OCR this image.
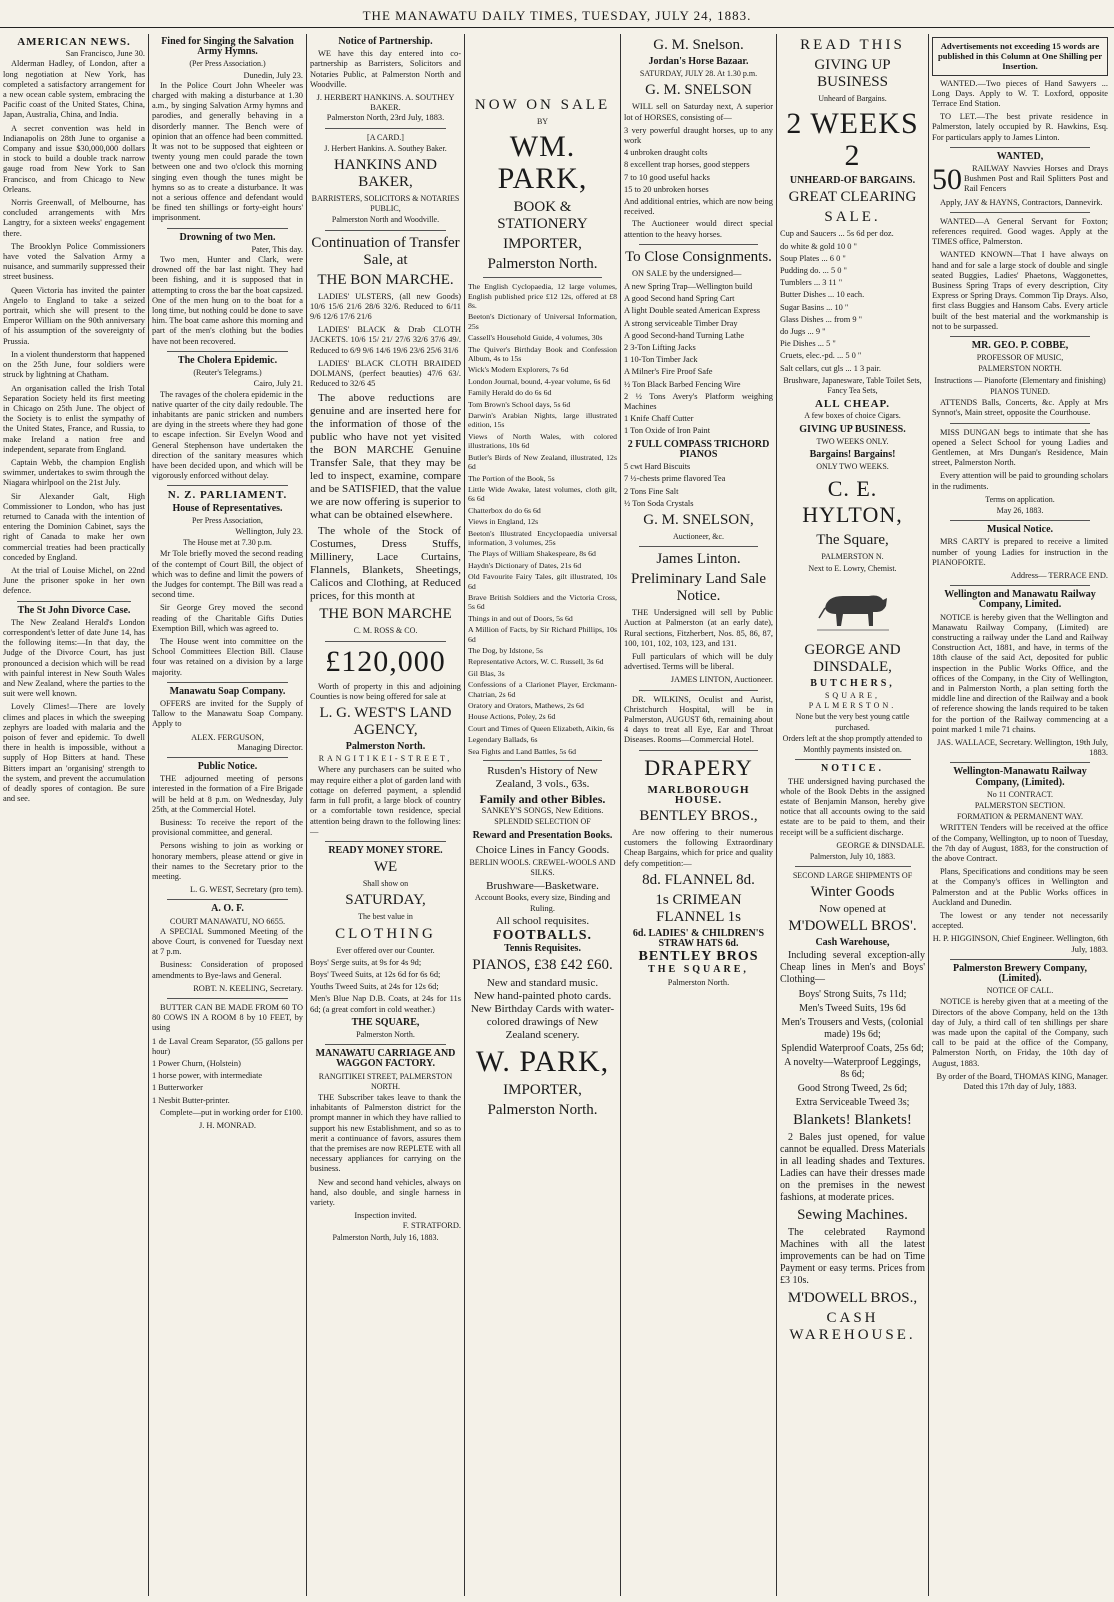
THE MANAWATU DAILY TIMES, TUESDAY, JULY 24, 1883.
AMERICAN NEWS.
San Francisco, June 30.

Alderman Hadley, of London, after a long negotiation at New York, has completed a satisfactory arrangement for a new ocean cable system, embracing the Pacific coast of the United States, China, Japan, Australia, China, and India.

A secret convention was held in Indianapolis on 28th June to organise a Company and issue $30,000,000 dollars in stock to build a double track narrow gauge road from New York to San Francisco, and from Chicago to New Orleans.

Norris Greenwall, of Melbourne, has concluded arrangements with Mrs Langtry, for a sixteen weeks' engagement there.

The Brooklyn Police Commissioners have voted the Salvation Army a nuisance, and summarily suppressed their street business.

Queen Victoria has invited the painter Angelo to England to take a seized portrait, which she will present to the Emperor William on the 90th anniversary of his assumption of the sovereignty of Prussia.

In a violent thunderstorm that happened on the 25th June, four soldiers were struck by lightning at Chatham.

An organisation called the Irish Total Separation Society held its first meeting in Chicago on 25th June. The object of the Society is to enlist the sympathy of the United States, France, and Russia, to make Ireland a nation free and independent, separate from England.

Captain Webb, the champion English swimmer, undertakes to swim through the Niagara whirlpool on the 21st July.

Sir Alexander Galt, High Commissioner to London, who has just returned to Canada with the intention of entering the Dominion Cabinet, says the right of Canada to make her own commercial treaties had been practically conceded by England.

At the trial of Louise Michel, on 22nd June the prisoner spoke in her own defence.

The St John Divorce Case.

The New Zealand Herald's London correspondent's letter of date June 14, has the following items:—In that day, the Judge of the Divorce Court, has just pronounced a decision which will be read with painful interest in New South Wales and New Zealand, where the parties to the suit were well known.

Lovely Climes!—There are lovely climes and places in which the sweeping zephyrs are loaded with malaria and the poison of fever and epidemic. To dwell there in health is impossible, without a supply of Hop Bitters at hand. These Bitters impart an 'organising' strength to the system, and prevent the accumulation of deadly spores of contagion. Be sure and see.

Fined for Singing the Salvation Army Hymns.
(Per Press Association.)
Dunedin, July 23.

In the Police Court John Wheeler was charged with making a disturbance at 1.30 a.m., by singing Salvation Army hymns and parodies, and generally behaving in a disorderly manner. The Bench were of opinion that an offence had been committed. It was not to be supposed that eighteen or twenty young men could parade the town between one and two o'clock this morning singing even though the tunes might be hymns so as to create a disturbance. It was not a serious offence and defendant would be fined ten shillings or forty-eight hours' imprisonment.

Drowning of two Men.
Pater, This day.

Two men, Hunter and Clark, were drowned off the bar last night. They had been fishing, and it is supposed that in attempting to cross the bar the boat capsized. One of the men hung on to the boat for a long time, but nothing could be done to save him. The boat came ashore this morning and part of the men's clothing but the bodies have not been recovered.

The Cholera Epidemic.
(Reuter's Telegrams.)
Cairo, July 21.

The ravages of the cholera epidemic in the native quarter of the city daily redouble. The inhabitants are panic stricken and numbers are dying in the streets where they had gone to escape infection. Sir Evelyn Wood and General Stephenson have undertaken the direction of the sanitary measures which have been decided upon, and which will be vigorously enforced without delay.

N. Z. PARLIAMENT.
House of Representatives.
Per Press Association,
Wellington, July 23.
The House met at 7.30 p.m.

Mr Tole briefly moved the second reading of the contempt of Court Bill, the object of which was to define and limit the powers of the Judges for contempt. The Bill was read a second time.

Sir George Grey moved the second reading of the Charitable Gifts Duties Exemption Bill, which was agreed to.

The House went into committee on the School Committees Election Bill. Clause four was retained on a division by a large majority.

Manawatu Soap Company.

OFFERS are invited for the Supply of Tallow to the Manawatu Soap Company. Apply to

ALEX. FERGUSON,
Managing Director.
Public Notice.

THE adjourned meeting of persons interested in the formation of a Fire Brigade will be held at 8 p.m. on Wednesday, July 25th, at the Commercial Hotel.

Business: To receive the report of the provisional committee, and general.

Persons wishing to join as working or honorary members, please attend or give in their names to the Secretary prior to the meeting.

L. G. WEST, Secretary (pro tem).
A. O. F.
COURT MANAWATU, NO 6655.

A SPECIAL Summoned Meeting of the above Court, is convened for Tuesday next at 7 p.m.

Business: Consideration of proposed amendments to Bye-laws and General.

ROBT. N. KEELING, Secretary.

BUTTER CAN BE MADE FROM 60 TO 80 COWS IN A ROOM 8 by 10 FEET, by using

1 de Laval Cream Separator, (55 gallons per hour)
1 Power Churn, (Holstein)
1 horse power, with intermediate
1 Butterworker
1 Nesbit Butter-printer.

Complete—put in working order for £100.

J. H. MONRAD.
Notice of Partnership.

WE have this day entered into co-partnership as Barristers, Solicitors and Notaries Public, at Palmerston North and Woodville.

J. HERBERT HANKINS. A. SOUTHEY BAKER.
Palmerston North, 23rd July, 1883.
[A CARD.]
J. Herbert Hankins. A. Southey Baker.
HANKINS AND BAKER,
BARRISTERS, SOLICITORS & NOTARIES PUBLIC,
Palmerston North and Woodville.
Continuation of Transfer Sale, at
THE BON MARCHE.

LADIES' ULSTERS, (all new Goods) 10/6 15/6 21/6 28/6 32/6. Reduced to 6/11 9/6 12/6 17/6 21/6

LADIES' BLACK & Drab CLOTH JACKETS. 10/6 15/ 21/ 27/6 32/6 37/6 49/. Reduced to 6/9 9/6 14/6 19/6 23/6 25/6 31/6

LADIES' BLACK CLOTH BRAIDED DOLMANS, (perfect beauties) 47/6 63/. Reduced to 32/6 45

The above reductions are genuine and are inserted here for the information of those of the public who have not yet visited the BON MARCHE Genuine Transfer Sale, that they may be led to inspect, examine, compare and be SATISFIED, that the value we are now offering is superior to what can be obtained elsewhere.

The whole of the Stock of Costumes, Dress Stuffs, Millinery, Lace Curtains, Flannels, Blankets, Sheetings, Calicos and Clothing, at Reduced prices, for this month at

THE BON MARCHE
C. M. ROSS & CO.
£120,000

Worth of property in this and adjoining Counties is now being offered for sale at

L. G. WEST'S LAND AGENCY,
Palmerston North.
RANGITIKEI-STREET,

Where any purchasers can be suited who may require either a plot of garden land with cottage on deferred payment, a splendid farm in full profit, a large block of country or a comfortable town residence, special attention being drawn to the following lines:—

READY MONEY STORE.
WE
Shall show on
SATURDAY,
The best value in
CLOTHING
Ever offered over our Counter.
Boys' Serge suits, at 9s for 4s 9d;
Boys' Tweed Suits, at 12s 6d for 6s 6d;
Youths Tweed Suits, at 24s for 12s 6d;
Men's Blue Nap D.B. Coats, at 24s for 11s 6d; (a great comfort in cold weather.)
THE SQUARE,
Palmerston North.
MANAWATU CARRIAGE AND WAGGON FACTORY.
RANGITIKEI STREET, PALMERSTON NORTH.

THE Subscriber takes leave to thank the inhabitants of Palmerston district for the prompt manner in which they have rallied to support his new Establishment, and so as to merit a continuance of favors, assures them that the premises are now REPLETE with all necessary appliances for carrying on the business.

New and second hand vehicles, always on hand, also double, and single harness in variety.

Inspection invited.
F. STRATFORD.
Palmerston North, July 16, 1883.
NOW ON SALE
BY
WM. PARK,
BOOK & STATIONERY
IMPORTER,
Palmerston North.
The English Cyclopaedia, 12 large volumes, English published price £12 12s, offered at £8 8s.
Beeton's Dictionary of Universal Information, 25s
Cassell's Household Guide, 4 volumes, 30s
The Quiver's Birthday Book and Confession Album, 4s to 15s
Wick's Modern Explorers, 7s 6d
London Journal, bound, 4-year volume, 6s 6d
Family Herald do do 6s 6d
Tom Brown's School days, 5s 6d
Darwin's Arabian Nights, large illustrated edition, 15s
Views of North Wales, with colored illustrations, 10s 6d
Butler's Birds of New Zealand, illustrated, 12s 6d
The Portion of the Book, 5s
Little Wide Awake, latest volumes, cloth gilt, 6s 6d
Chatterbox do do 6s 6d
Views in England, 12s
Beeton's Illustrated Encyclopaedia universal information, 3 volumes, 25s
The Plays of William Shakespeare, 8s 6d
Haydn's Dictionary of Dates, 21s 6d
Old Favourite Fairy Tales, gilt illustrated, 10s 6d
Brave British Soldiers and the Victoria Cross, 5s 6d
Things in and out of Doors, 5s 6d
A Million of Facts, by Sir Richard Phillips, 10s 6d
The Dog, by Idstone, 5s
Representative Actors, W. C. Russell, 3s 6d
Gil Blas, 3s
Confessions of a Clarionet Player, Erckmann-Chatrian, 2s 6d
Oratory and Orators, Mathews, 2s 6d
House Actions, Poley, 2s 6d
Court and Times of Queen Elizabeth, Aikin, 6s
Legendary Ballads, 6s
Sea Fights and Land Battles, 5s 6d
Rusden's History of New Zealand, 3 vols., 63s.
Family and other Bibles.
SANKEY'S SONGS, New Editions.
SPLENDID SELECTION OF
Reward and Presentation Books.
Choice Lines in Fancy Goods.
BERLIN WOOLS. CREWEL-WOOLS AND SILKS.
Brushware—Basketware.
Account Books, every size, Binding and Ruling.
All school requisites.
FOOTBALLS.
Tennis Requisites.
PIANOS, £38 £42 £60.
New and standard music.
New hand-painted photo cards.
New Birthday Cards with water-colored drawings of New Zealand scenery.
W. PARK,
IMPORTER,
Palmerston North.
G. M. Snelson.
Jordan's Horse Bazaar.
SATURDAY, JULY 28. At 1.30 p.m.
G. M. SNELSON

WILL sell on Saturday next, A superior lot of HORSES, consisting of—

3 very powerful draught horses, up to any work
4 unbroken draught colts
8 excellent trap horses, good steppers
7 to 10 good useful hacks
15 to 20 unbroken horses
And additional entries, which are now being received.

The Auctioneer would direct special attention to the heavy horses.

To Close Consignments.

ON SALE by the undersigned—

A new Spring Trap—Wellington build
A good Second hand Spring Cart
A light Double seated American Express
A strong serviceable Timber Dray
A good Second-hand Turning Lathe
2 3-Ton Lifting Jacks
1 10-Ton Timber Jack
A Milner's Fire Proof Safe
½ Ton Black Barbed Fencing Wire
2 ½ Tons Avery's Platform weighing Machines
1 Knife Chaff Cutter
1 Ton Oxide of Iron Paint
2 FULL COMPASS TRICHORD PIANOS
5 cwt Hard Biscuits
7 ½-chests prime flavored Tea
2 Tons Fine Salt
½ Ton Soda Crystals
G. M. SNELSON,
Auctioneer, &c.
James Linton.
Preliminary Land Sale Notice.

THE Undersigned will sell by Public Auction at Palmerston (at an early date), Rural sections, Fitzherbert, Nos. 85, 86, 87, 100, 101, 102, 103, 123, and 131.

Full particulars of which will be duly advertised. Terms will be liberal.

JAMES LINTON, Auctioneer.

DR. WILKINS, Oculist and Aurist, Christchurch Hospital, will be in Palmerston, AUGUST 6th, remaining about 4 days to treat all Eye, Ear and Throat Diseases. Rooms—Commercial Hotel.

DRAPERY
MARLBOROUGH HOUSE.
BENTLEY BROS.,

Are now offering to their numerous customers the following Extraordinary Cheap Bargains, which for price and quality defy competition:—

8d. FLANNEL 8d.
1s CRIMEAN FLANNEL 1s
6d. LADIES' & CHILDREN'S STRAW HATS 6d.
BENTLEY BROS
THE SQUARE,
Palmerston North.
READ THIS
GIVING UP BUSINESS
Unheard of Bargains.
2 WEEKS 2
UNHEARD-OF BARGAINS.
GREAT CLEARING
SALE.
Cup and Saucers ... 5s 6d per doz.
do white & gold 10 0 "
Soup Plates ... 6 0 "
Pudding do. ... 5 0 "
Tumblers ... 3 11 "
Butter Dishes ... 10 each.
Sugar Basins ... 10 "
Glass Dishes ... from 9 "
do Jugs ... 9 "
Pie Dishes ... 5 "
Cruets, elec.-pd. ... 5 0 "
Salt cellars, cut gls ... 1 3 pair.
Brushware, Japanesware, Table Toilet Sets, Fancy Tea Sets,
ALL CHEAP.
A few boxes of choice Cigars.
GIVING UP BUSINESS.
TWO WEEKS ONLY.
Bargains! Bargains!
ONLY TWO WEEKS.
C. E. HYLTON,
The Square,
PALMERSTON N.
Next to E. Lowry, Chemist.
GEORGE AND DINSDALE,
BUTCHERS,
SQUARE, PALMERSTON.
None but the very best young cattle purchased.
Orders left at the shop promptly attended to
Monthly payments insisted on.
NOTICE.

THE undersigned having purchased the whole of the Book Debts in the assigned estate of Benjamin Manson, hereby give notice that all accounts owing to the said estate are to be paid to them, and their receipt will be a sufficient discharge.

GEORGE & DINSDALE.
Palmerston, July 10, 1883.
SECOND LARGE SHIPMENTS OF
Winter Goods
Now opened at
M'DOWELL BROS'.
Cash Warehouse,

Including several exception-ally Cheap lines in Men's and Boys' Clothing—

Boys' Strong Suits, 7s 11d;
Men's Tweed Suits, 19s 6d
Men's Trousers and Vests, (colonial made) 19s 6d;
Splendid Waterproof Coats, 25s 6d;
A novelty—Waterproof Leggings, 8s 6d;
Good Strong Tweed, 2s 6d;
Extra Serviceable Tweed 3s;
Blankets! Blankets!

2 Bales just opened, for value cannot be equalled. Dress Materials in all leading shades and Textures. Ladies can have their dresses made on the premises in the newest fashions, at moderate prices.

Sewing Machines.

The celebrated Raymond Machines with all the latest improvements can be had on Time Payment or easy terms. Prices from £3 10s.

M'DOWELL BROS.,
CASH WAREHOUSE.
Advertisements not exceeding 15 words are published in this Column at One Shilling per Insertion.

WANTED.—Two pieces of Hand Sawyers ... Long Days. Apply to W. T. Loxford, opposite Terrace End Station.

TO LET.—The best private residence in Palmerston, lately occupied by R. Hawkins, Esq. For particulars apply to James Linton.

WANTED,
50	RAILWAY Navvies Horses and Drays Bushmen Post and Rail Splitters Post and Rail Fencers

Apply, JAY & HAYNS, Contractors, Dannevirk.

WANTED—A General Servant for Foxton; references required. Good wages. Apply at the TIMES office, Palmerston.

WANTED KNOWN—That I have always on hand and for sale a large stock of double and single seated Buggies, Ladies' Phaetons, Waggonettes, Business Spring Traps of every description, City Express or Spring Drays. Common Tip Drays. Also, first class Buggies and Hansom Cabs. Every article built of the best material and the workmanship is not to be surpassed.

MR. GEO. P. COBBE,
PROFESSOR OF MUSIC,
PALMERSTON NORTH.
Instructions — Pianoforte (Elementary and finishing)
PIANOS TUNED.

ATTENDS Balls, Concerts, &c. Apply at Mrs Synnot's, Main street, opposite the Courthouse.

MISS DUNGAN begs to intimate that she has opened a Select School for young Ladies and Gentlemen, at Mrs Dungan's Residence, Main street, Palmerston North.

Every attention will be paid to grounding scholars in the rudiments.

Terms on application.
May 26, 1883.
Musical Notice.

MRS CARTY is prepared to receive a limited number of young Ladies for instruction in the PIANOFORTE.

Address— TERRACE END.
Wellington and Manawatu Railway Company, Limited.

NOTICE is hereby given that the Wellington and Manawatu Railway Company, (Limited) are constructing a railway under the Land and Railway Construction Act, 1881, and have, in terms of the 18th clause of the said Act, deposited for public inspection in the Public Works Office, and the offices of the Company, in the City of Wellington, and in Palmerston North, a plan setting forth the middle line and direction of the Railway and a book of reference showing the lands required to be taken for the portion of the Railway commencing at a point marked 1 mile 71 chains.

JAS. WALLACE, Secretary. Wellington, 19th July, 1883.
Wellington-Manawatu Railway Company, (Limited).
No 11 CONTRACT.
PALMERSTON SECTION.
FORMATION & PERMANENT WAY.

WRITTEN Tenders will be received at the office of the Company, Wellington, up to noon of Tuesday, the 7th day of August, 1883, for the construction of the above Contract.

Plans, Specifications and conditions may be seen at the Company's offices in Wellington and Palmerston and at the Public Works offices in Auckland and Dunedin.

The lowest or any tender not necessarily accepted.

H. P. HIGGINSON, Chief Engineer. Wellington, 6th July, 1883.
Palmerston Brewery Company, (Limited).
NOTICE OF CALL.

NOTICE is hereby given that at a meeting of the Directors of the above Company, held on the 13th day of July, a third call of ten shillings per share was made upon the capital of the Company, such call to be paid at the office of the Company, Palmerston North, on Friday, the 10th day of August, 1883.

By order of the Board, THOMAS KING, Manager.
Dated this 17th day of July, 1883.
